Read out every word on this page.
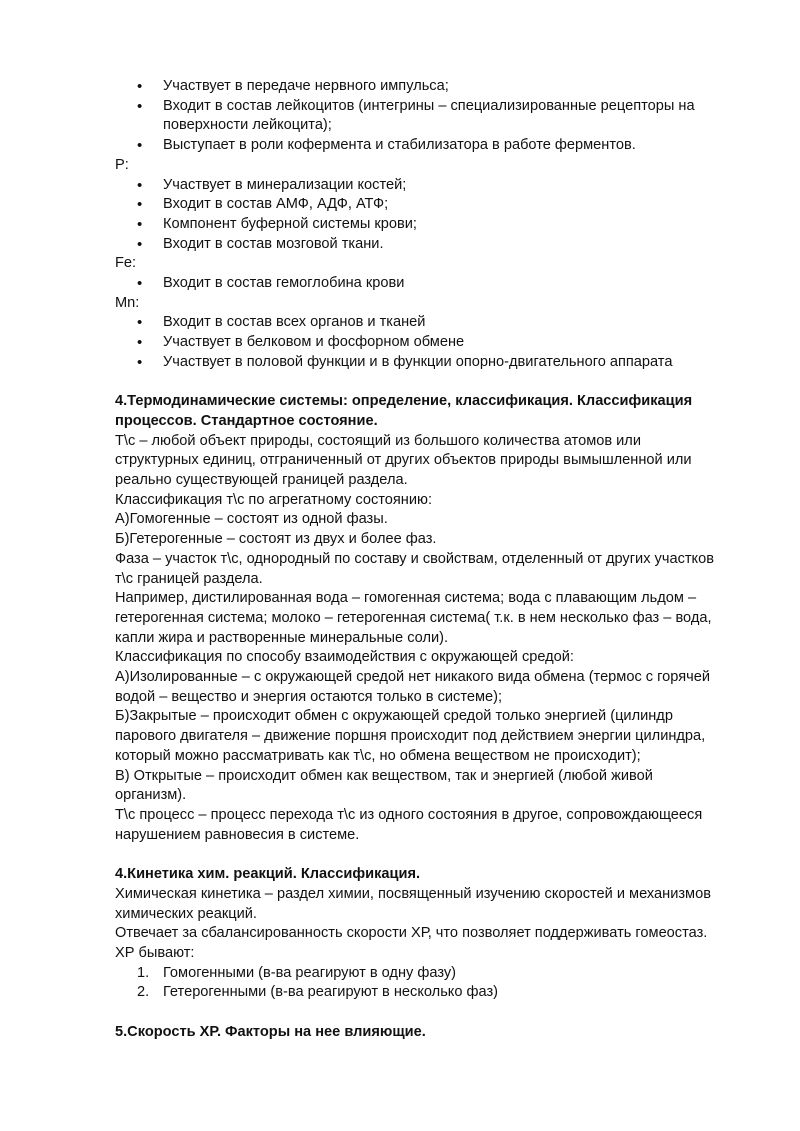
• Участвует в передаче нервного импульса;
• Входит в состав лейкоцитов (интегрины – специализированные рецепторы на поверхности лейкоцита);
• Выступает в роли кофермента и стабилизатора в работе ферментов.

P:

• Участвует в минерализации костей;
• Входит в состав АМФ, АДФ, АТФ;
• Компонент буферной системы крови;
• Входит в состав мозговой ткани.

Fe:

• Входит в состав гемоглобина крови

Mn:

• Входит в состав всех органов и тканей
• Участвует в белковом и фосфорном обмене
• Участвует в половой функции и в функции опорно-двигательного аппарата
4.Термодинамические системы: определение, классификация. Классификация процессов. Стандартное состояние.

Т\с – любой объект природы, состоящий из большого количества атомов или структурных единиц, отграниченный от других объектов природы вымышленной или реально существующей границей раздела.

Классификация т\с по агрегатному состоянию:

А)Гомогенные – состоят из одной фазы.

Б)Гетерогенные – состоят из двух и более фаз.

Фаза – участок т\с, однородный по составу и свойствам, отделенный от других участков т\с границей раздела.

Например, дистилированная вода – гомогенная система; вода с плавающим льдом – гетерогенная система; молоко – гетерогенная система( т.к. в нем несколько фаз – вода, капли жира и растворенные минеральные соли).

Классификация по способу взаимодействия с окружающей средой:

А)Изолированные – с окружающей средой нет никакого вида обмена (термос с горячей водой – вещество и энергия остаются только в системе);

Б)Закрытые – происходит обмен с окружающей средой только энергией (цилиндр парового двигателя – движение поршня происходит под действием энергии цилиндра, который можно рассматривать как т\с, но обмена веществом не происходит);

В) Открытые – происходит обмен как веществом, так и энергией (любой живой организм).

Т\с процесс – процесс перехода т\с из одного состояния в другое, сопровождающееся нарушением равновесия в системе.

4.Кинетика хим. реакций. Классификация.

Химическая кинетика – раздел химии, посвященный изучению скоростей и механизмов химических реакций.

Отвечает за сбалансированность скорости ХР, что позволяет поддерживать гомеостаз.

ХР бывают:

1. Гомогенными (в-ва реагируют в одну фазу)
2. Гетерогенными (в-ва реагируют в несколько фаз)
5.Скорость ХР. Факторы на нее влияющие.
